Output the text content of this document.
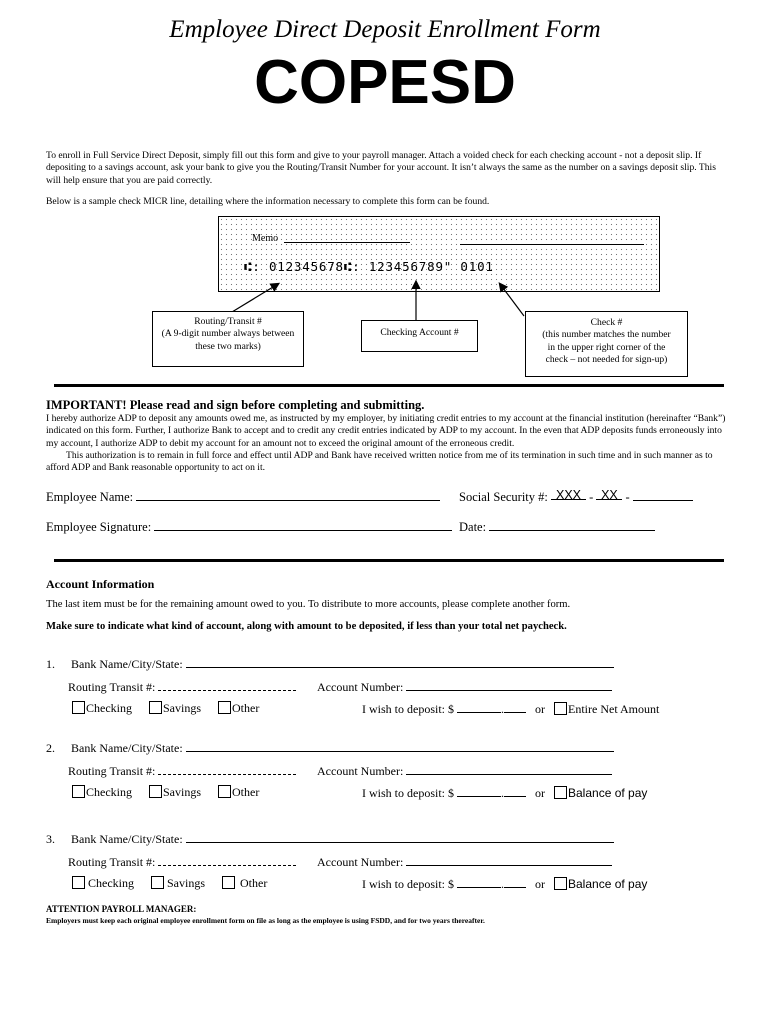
Employee Direct Deposit Enrollment Form
COPESD
To enroll in Full Service Direct Deposit, simply fill out this form and give to your payroll manager. Attach a voided check for each checking account - not a deposit slip. If depositing to a savings account, ask your bank to give you the Routing/Transit Number for your account. It isn’t always the same as the number on a savings deposit slip. This will help ensure that you are paid correctly.
Below is a sample check MICR line, detailing where the information necessary to complete this form can be found.
Memo
⑆: 012345678⑆: 123456789" 0101
Routing/Transit #
(A 9-digit number always between
these two marks)
Checking Account #
Check #
(this number matches the number
in the upper right corner of the
check – not needed for sign-up)
IMPORTANT! Please read and sign before completing and submitting.
I hereby authorize ADP to deposit any amounts owed me, as instructed by my employer, by initiating credit entries to my account at the financial institution (hereinafter “Bank”) indicated on this form. Further, I authorize Bank to accept and to credit any credit entries indicated by ADP to my account. In the even that ADP deposits funds erroneously into my account, I authorize ADP to debit my account for an amount not to exceed the original amount of the erroneous credit.
This authorization is to remain in full force and effect until ADP and Bank have received written notice from me of its termination in such time and in such manner as to afford ADP and Bank reasonable opportunity to act on it.
Employee Name:	Social Security #: XXX - XX -
Employee Signature:	Date:
Account Information
The last item must be for the remaining amount owed to you. To distribute to more accounts, please complete another form.
Make sure to indicate what kind of account, along with amount to be deposited, if less than your total net paycheck.
1. Bank Name/City/State:
Routing Transit #:	Account Number:
Checking	Savings	Other	I wish to deposit: $	.	or Entire Net Amount
2. Bank Name/City/State:
Routing Transit #:	Account Number:
Checking	Savings	Other	I wish to deposit: $	.	or Balance of pay
3. Bank Name/City/State:
Routing Transit #:	Account Number:
Checking	Savings	Other	I wish to deposit: $	.	or Balance of pay
ATTENTION PAYROLL MANAGER:
Employers must keep each original employee enrollment form on file as long as the employee is using FSDD, and for two years thereafter.
